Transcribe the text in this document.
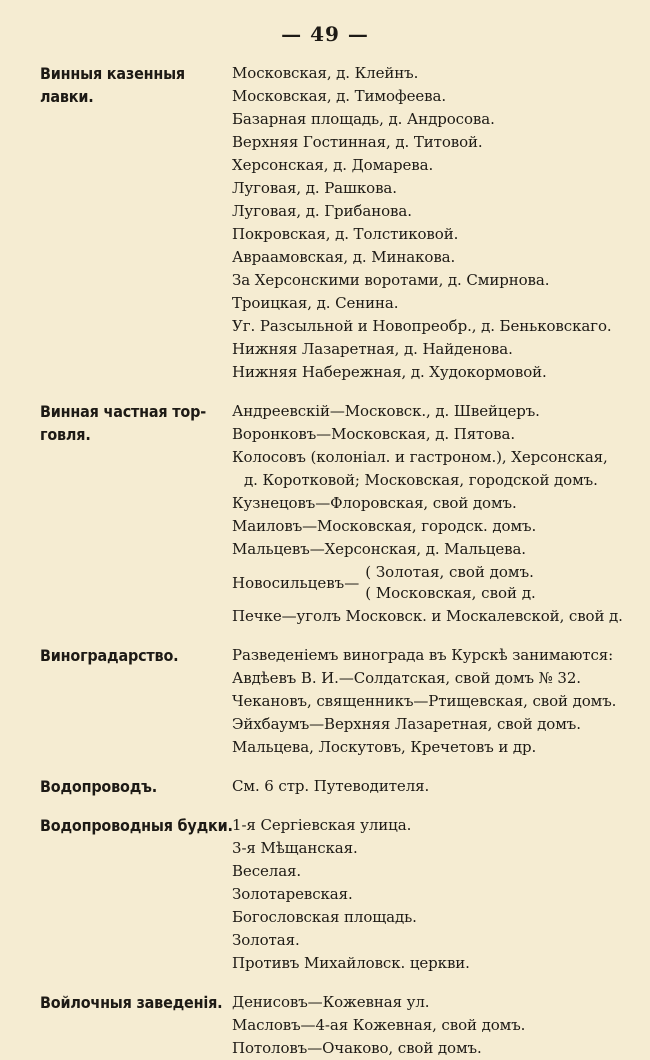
— 49 —
Винныя казенныя
лавки.
Московская, д. Клейнъ.
Московская, д. Тимофеева.
Базарная площадь, д. Андросова.
Верхняя Гостинная, д. Титовой.
Херсонская, д. Домарева.
Луговая, д. Рашкова.
Луговая, д. Грибанова.
Покровская, д. Толстиковой.
Авраамовская, д. Минакова.
За Херсонскими воротами, д. Смирнова.
Троицкая, д. Сенина.
Уг. Разсыльной и Новопреобр., д. Беньковскаго.
Нижняя Лазаретная, д. Найденова.
Нижняя Набережная, д. Худокормовой.
Винная частная тор-
говля.
Андреевскій—Московск., д. Швейцеръ.
Воронковъ—Московская, д. Пятова.
Колосовъ (колоніал. и гастроном.), Херсонская,
д. Коротковой; Московская, городской домъ.
Кузнецовъ—Флоровская, свой домъ.
Маиловъ—Московская, городск. домъ.
Мальцевъ—Херсонская, д. Мальцева.
Новосильцевъ—
( Золотая, свой домъ.
( Московская, свой д.
Печке—уголъ Московск. и Москалевской, свой д.
Виноградарство.	Разведеніемъ винограда въ Курскѣ занимаются:
Авдѣевъ В. И.—Солдатская, свой домъ № 32.
Чекановъ, священникъ—Ртищевская, свой домъ.
Эйхбаумъ—Верхняя Лазаретная, свой домъ.
Мальцева, Лоскутовъ, Кречетовъ и др.
Водопроводъ.	См. 6 стр. Путеводителя.
Водопроводныя будки. 1-я Сергіевская улица.
3-я Мѣщанская.
Веселая.
Золотаревская.
Богословская площадь.
Золотая.
Противъ Михайловск. церкви.
Войлочныя заведенія. Денисовъ—Кожевная ул.
Масловъ—4-ая Кожевная, свой домъ.
Потоловъ—Очаково, свой домъ.
